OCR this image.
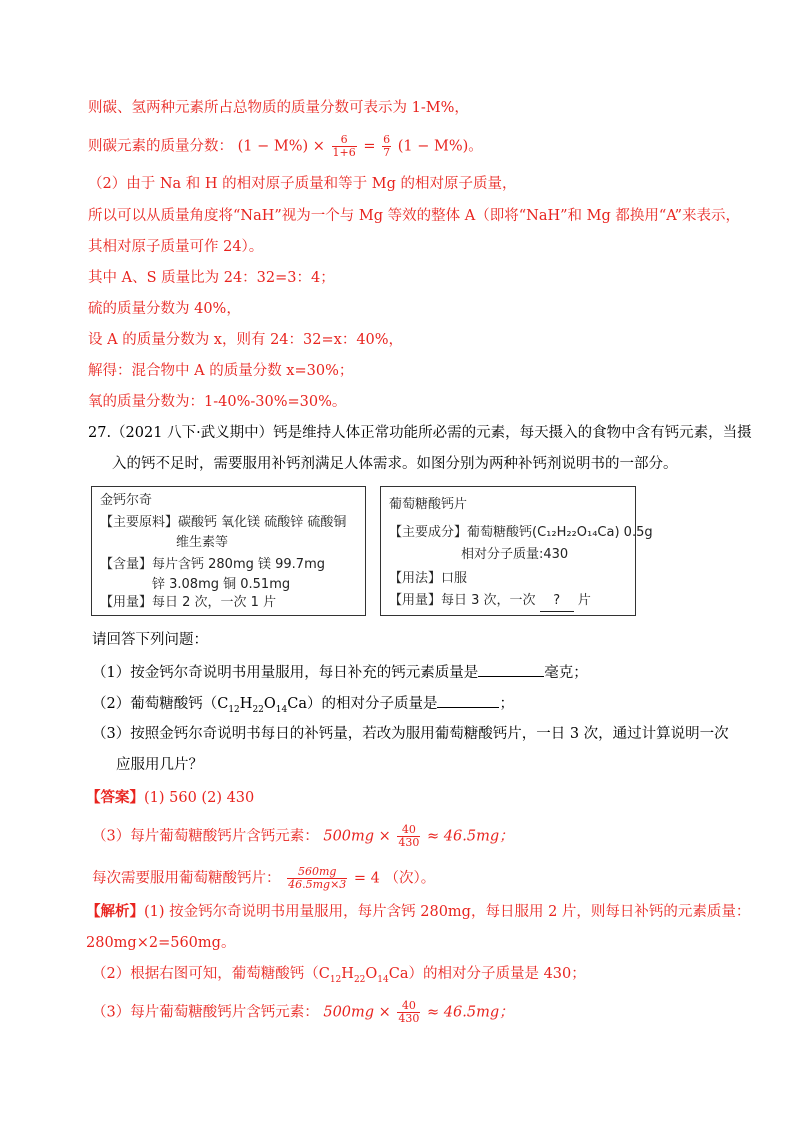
则碳、氢两种元素所占总物质的质量分数可表示为 1-M%，
则碳元素的质量分数： $(1 - M\%) \times \frac{6}{1+6} = \frac{6}{7} (1 - M\%)$。
（2）由于 Na 和 H 的相对原子质量和等于 Mg 的相对原子质量，
所以可以从质量角度将“NaH”视为一个与 Mg 等效的整体 A（即将“NaH”和 Mg 都换用“A”来表示，
其相对原子质量可作 24）。
其中 A、S 质量比为 24：32=3：4；
硫的质量分数为 40%，
设 A 的质量分数为 x，则有 24：32=x：40%，
解得：混合物中 A 的质量分数 x=30%；
氧的质量分数为：1-40%-30%=30%。
27.（2021 八下·武义期中）钙是维持人体正常功能所必需的元素，每天摄入的食物中含有钙元素，当摄
入的钙不足时，需要服用补钙剂满足人体需求。如图分别为两种补钙剂说明书的一部分。
金钙尔奇
【主要原料】碳酸钙 氧化镁 硫酸锌 硫酸铜
维生素等
【含量】每片含钙 280mg 镁 99.7mg
锌 3.08mg 铜 0.51mg
【用量】每日 2 次，一次 1 片
葡萄糖酸钙片
【主要成分】葡萄糖酸钙(C₁₂H₂₂O₁₄Ca) 0.5g
相对分子质量:430
【用法】口服
【用量】每日 3 次，一次 ? 片
请回答下列问题：
（1）按金钙尔奇说明书用量服用，每日补充的钙元素质量是	毫克；
（2）葡萄糖酸钙$(C_{12}H_{22}O_{14}Ca)$的相对分子质量是	；
（3）按照金钙尔奇说明书每日的补钙量，若改为服用葡萄糖酸钙片，一日 3 次，通过计算说明一次
应服用几片？
【答案】(1) 560 (2) 430
（3）每片葡萄糖酸钙片含钙元素： $500mg \times \frac{40}{430} \approx 46.5mg$；
每次需要服用葡萄糖酸钙片： $\frac{560mg}{46.5mg\times 3} = 4$ （次）。
【解析】(1) 按金钙尔奇说明书用量服用，每片含钙 280mg，每日服用 2 片，则每日补钙的元素质量：
280mg×2=560mg。
（2）根据右图可知，葡萄糖酸钙$(C_{12}H_{22}O_{14}Ca)$的相对分子质量是 430；
（3）每片葡萄糖酸钙片含钙元素： $500mg \times \frac{40}{430} \approx 46.5mg$；
